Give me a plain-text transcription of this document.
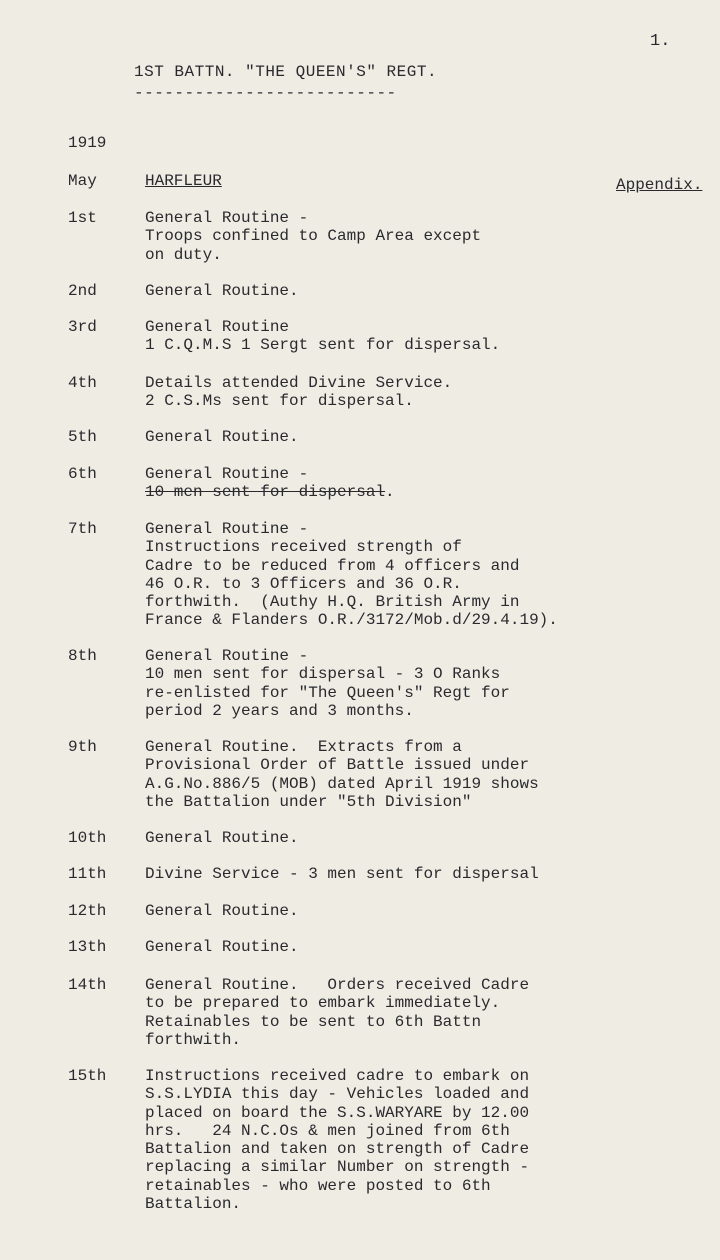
1.
1ST BATTN. "THE QUEEN'S" REGT.
--------------------------
1919
May	HARFLEUR	Appendix.
1st	General Routine -
Troops confined to Camp Area except
on duty.
2nd	General Routine.
3rd	General Routine
1 C.Q.M.S 1 Sergt sent for dispersal.
4th	Details attended Divine Service.
2 C.S.Ms sent for dispersal.
5th	General Routine.
6th	General Routine -
10 men sent for dispersal.
7th	General Routine -
Instructions received strength of
Cadre to be reduced from 4 officers and
46 O.R. to 3 Officers and 36 O.R.
forthwith.  (Authy H.Q. British Army in
France & Flanders O.R./3172/Mob.d/29.4.19).
8th	General Routine -
10 men sent for dispersal - 3 O Ranks
re-enlisted for "The Queen's" Regt for
period 2 years and 3 months.
9th	General Routine.  Extracts from a
Provisional Order of Battle issued under
A.G.No.886/5 (MOB) dated April 1919 shows
the Battalion under "5th Division"
10th General Routine.
11th Divine Service - 3 men sent for dispersal
12th General Routine.
13th General Routine.
14th General Routine.   Orders received Cadre
to be prepared to embark immediately.
Retainables to be sent to 6th Battn
forthwith.
15th Instructions received cadre to embark on
S.S.LYDIA this day - Vehicles loaded and
placed on board the S.S.WARYARE by 12.00
hrs.   24 N.C.Os & men joined from 6th
Battalion and taken on strength of Cadre
replacing a similar Number on strength -
retainables - who were posted to 6th
Battalion.
